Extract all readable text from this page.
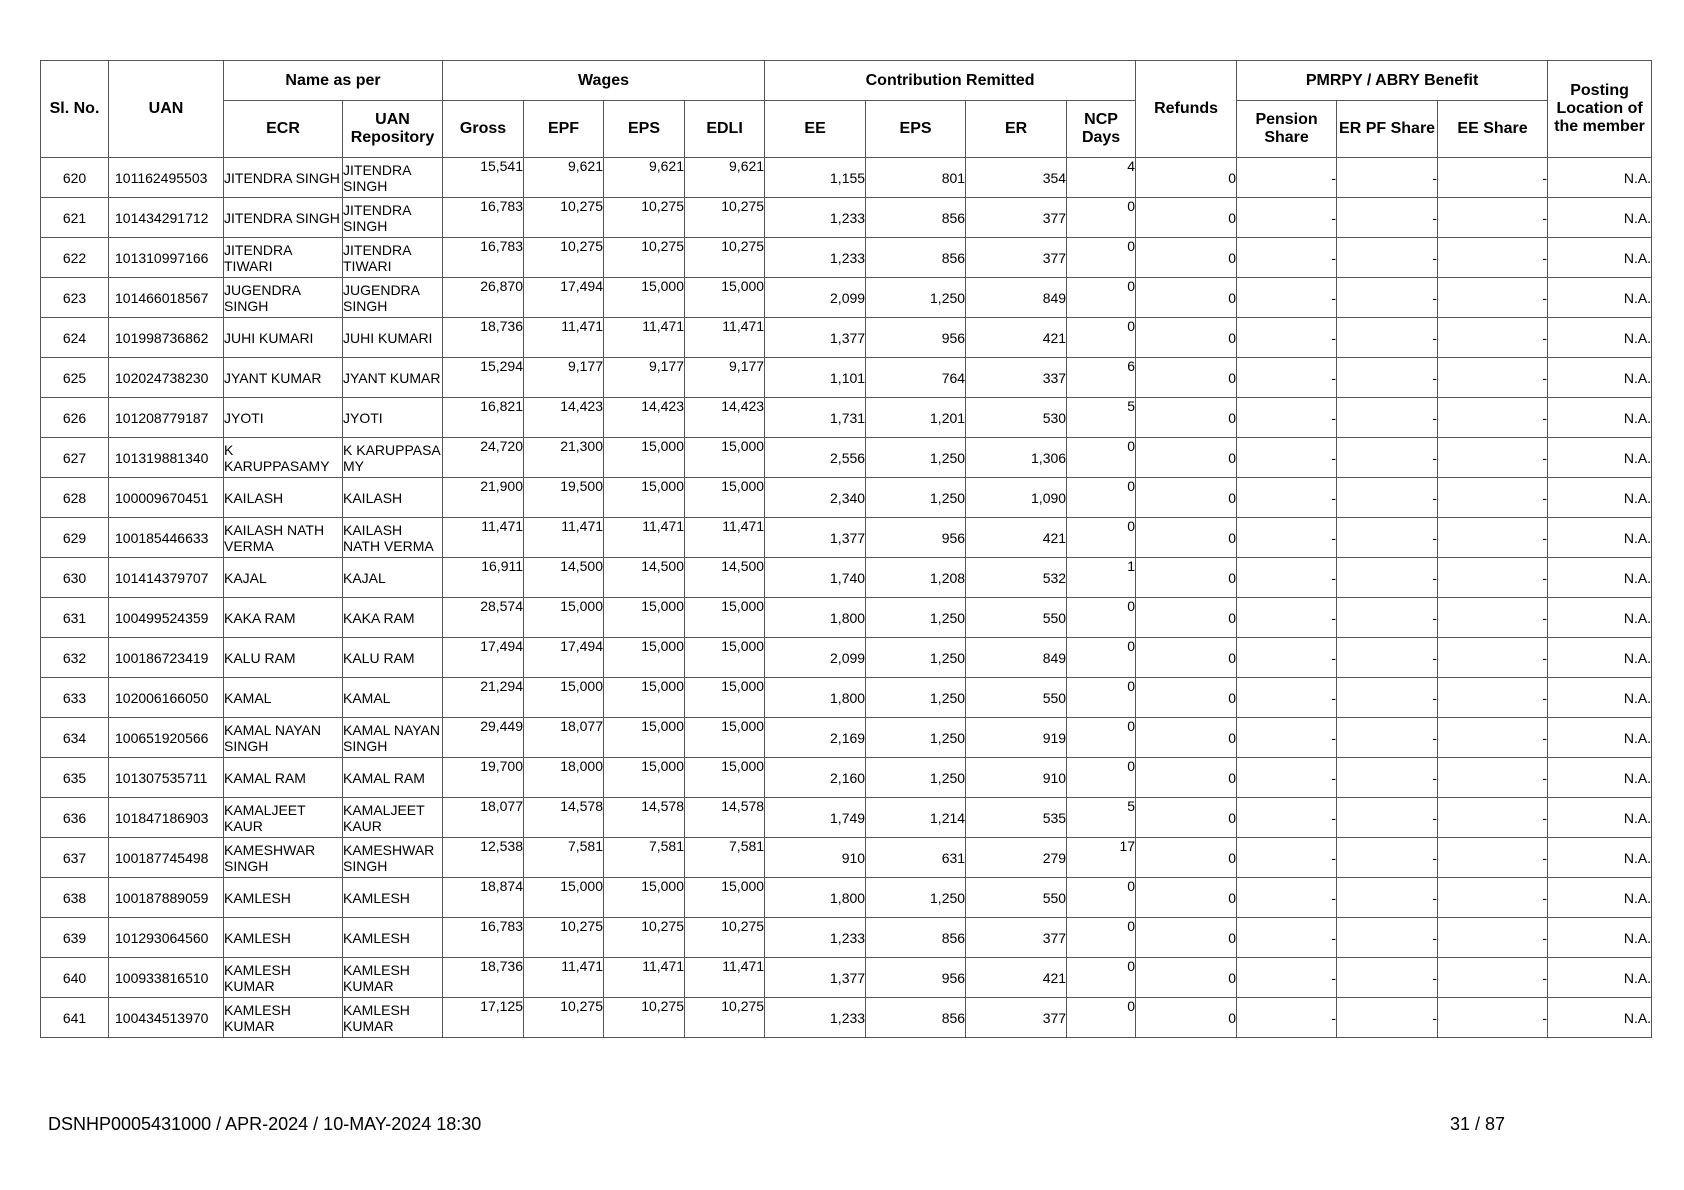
Sl. No.	UAN	Name as per		Wages				Contribution Remitted				Refunds	PMRPY / ABRY Benefit			Posting Location of the member
		ECR	UAN Repository	Gross	EPF	EPS	EDLI	EE	EPS	ER	NCP Days		Pension Share	ER PF Share	EE Share	
620	101162495503	JITENDRA SINGH	JITENDRA SINGH	15,541	9,621	9,621	9,621	1,155	801	354	4	0	-	-	-	N.A.
621	101434291712	JITENDRA SINGH	JITENDRA SINGH	16,783	10,275	10,275	10,275	1,233	856	377	0	0	-	-	-	N.A.
622	101310997166	JITENDRA TIWARI	JITENDRA TIWARI	16,783	10,275	10,275	10,275	1,233	856	377	0	0	-	-	-	N.A.
623	101466018567	JUGENDRA SINGH	JUGENDRA SINGH	26,870	17,494	15,000	15,000	2,099	1,250	849	0	0	-	-	-	N.A.
624	101998736862	JUHI KUMARI	JUHI KUMARI	18,736	11,471	11,471	11,471	1,377	956	421	0	0	-	-	-	N.A.
625	102024738230	JYANT KUMAR	JYANT KUMAR	15,294	9,177	9,177	9,177	1,101	764	337	6	0	-	-	-	N.A.
626	101208779187	JYOTI	JYOTI	16,821	14,423	14,423	14,423	1,731	1,201	530	5	0	-	-	-	N.A.
627	101319881340	K KARUPPASAMY	K KARUPPASA MY	24,720	21,300	15,000	15,000	2,556	1,250	1,306	0	0	-	-	-	N.A.
628	100009670451	KAILASH	KAILASH	21,900	19,500	15,000	15,000	2,340	1,250	1,090	0	0	-	-	-	N.A.
629	100185446633	KAILASH NATH VERMA	KAILASH NATH VERMA	11,471	11,471	11,471	11,471	1,377	956	421	0	0	-	-	-	N.A.
630	101414379707	KAJAL	KAJAL	16,911	14,500	14,500	14,500	1,740	1,208	532	1	0	-	-	-	N.A.
631	100499524359	KAKA RAM	KAKA RAM	28,574	15,000	15,000	15,000	1,800	1,250	550	0	0	-	-	-	N.A.
632	100186723419	KALU RAM	KALU RAM	17,494	17,494	15,000	15,000	2,099	1,250	849	0	0	-	-	-	N.A.
633	102006166050	KAMAL	KAMAL	21,294	15,000	15,000	15,000	1,800	1,250	550	0	0	-	-	-	N.A.
634	100651920566	KAMAL NAYAN SINGH	KAMAL NAYAN SINGH	29,449	18,077	15,000	15,000	2,169	1,250	919	0	0	-	-	-	N.A.
635	101307535711	KAMAL RAM	KAMAL RAM	19,700	18,000	15,000	15,000	2,160	1,250	910	0	0	-	-	-	N.A.
636	101847186903	KAMALJEET KAUR	KAMALJEET KAUR	18,077	14,578	14,578	14,578	1,749	1,214	535	5	0	-	-	-	N.A.
637	100187745498	KAMESHWAR SINGH	KAMESHWAR SINGH	12,538	7,581	7,581	7,581	910	631	279	17	0	-	-	-	N.A.
638	100187889059	KAMLESH	KAMLESH	18,874	15,000	15,000	15,000	1,800	1,250	550	0	0	-	-	-	N.A.
639	101293064560	KAMLESH	KAMLESH	16,783	10,275	10,275	10,275	1,233	856	377	0	0	-	-	-	N.A.
640	100933816510	KAMLESH KUMAR	KAMLESH KUMAR	18,736	11,471	11,471	11,471	1,377	956	421	0	0	-	-	-	N.A.
641	100434513970	KAMLESH KUMAR	KAMLESH KUMAR	17,125	10,275	10,275	10,275	1,233	856	377	0	0	-	-	-	N.A.
DSNHP0005431000 / APR-2024 / 10-MAY-2024 18:30	31 / 87
